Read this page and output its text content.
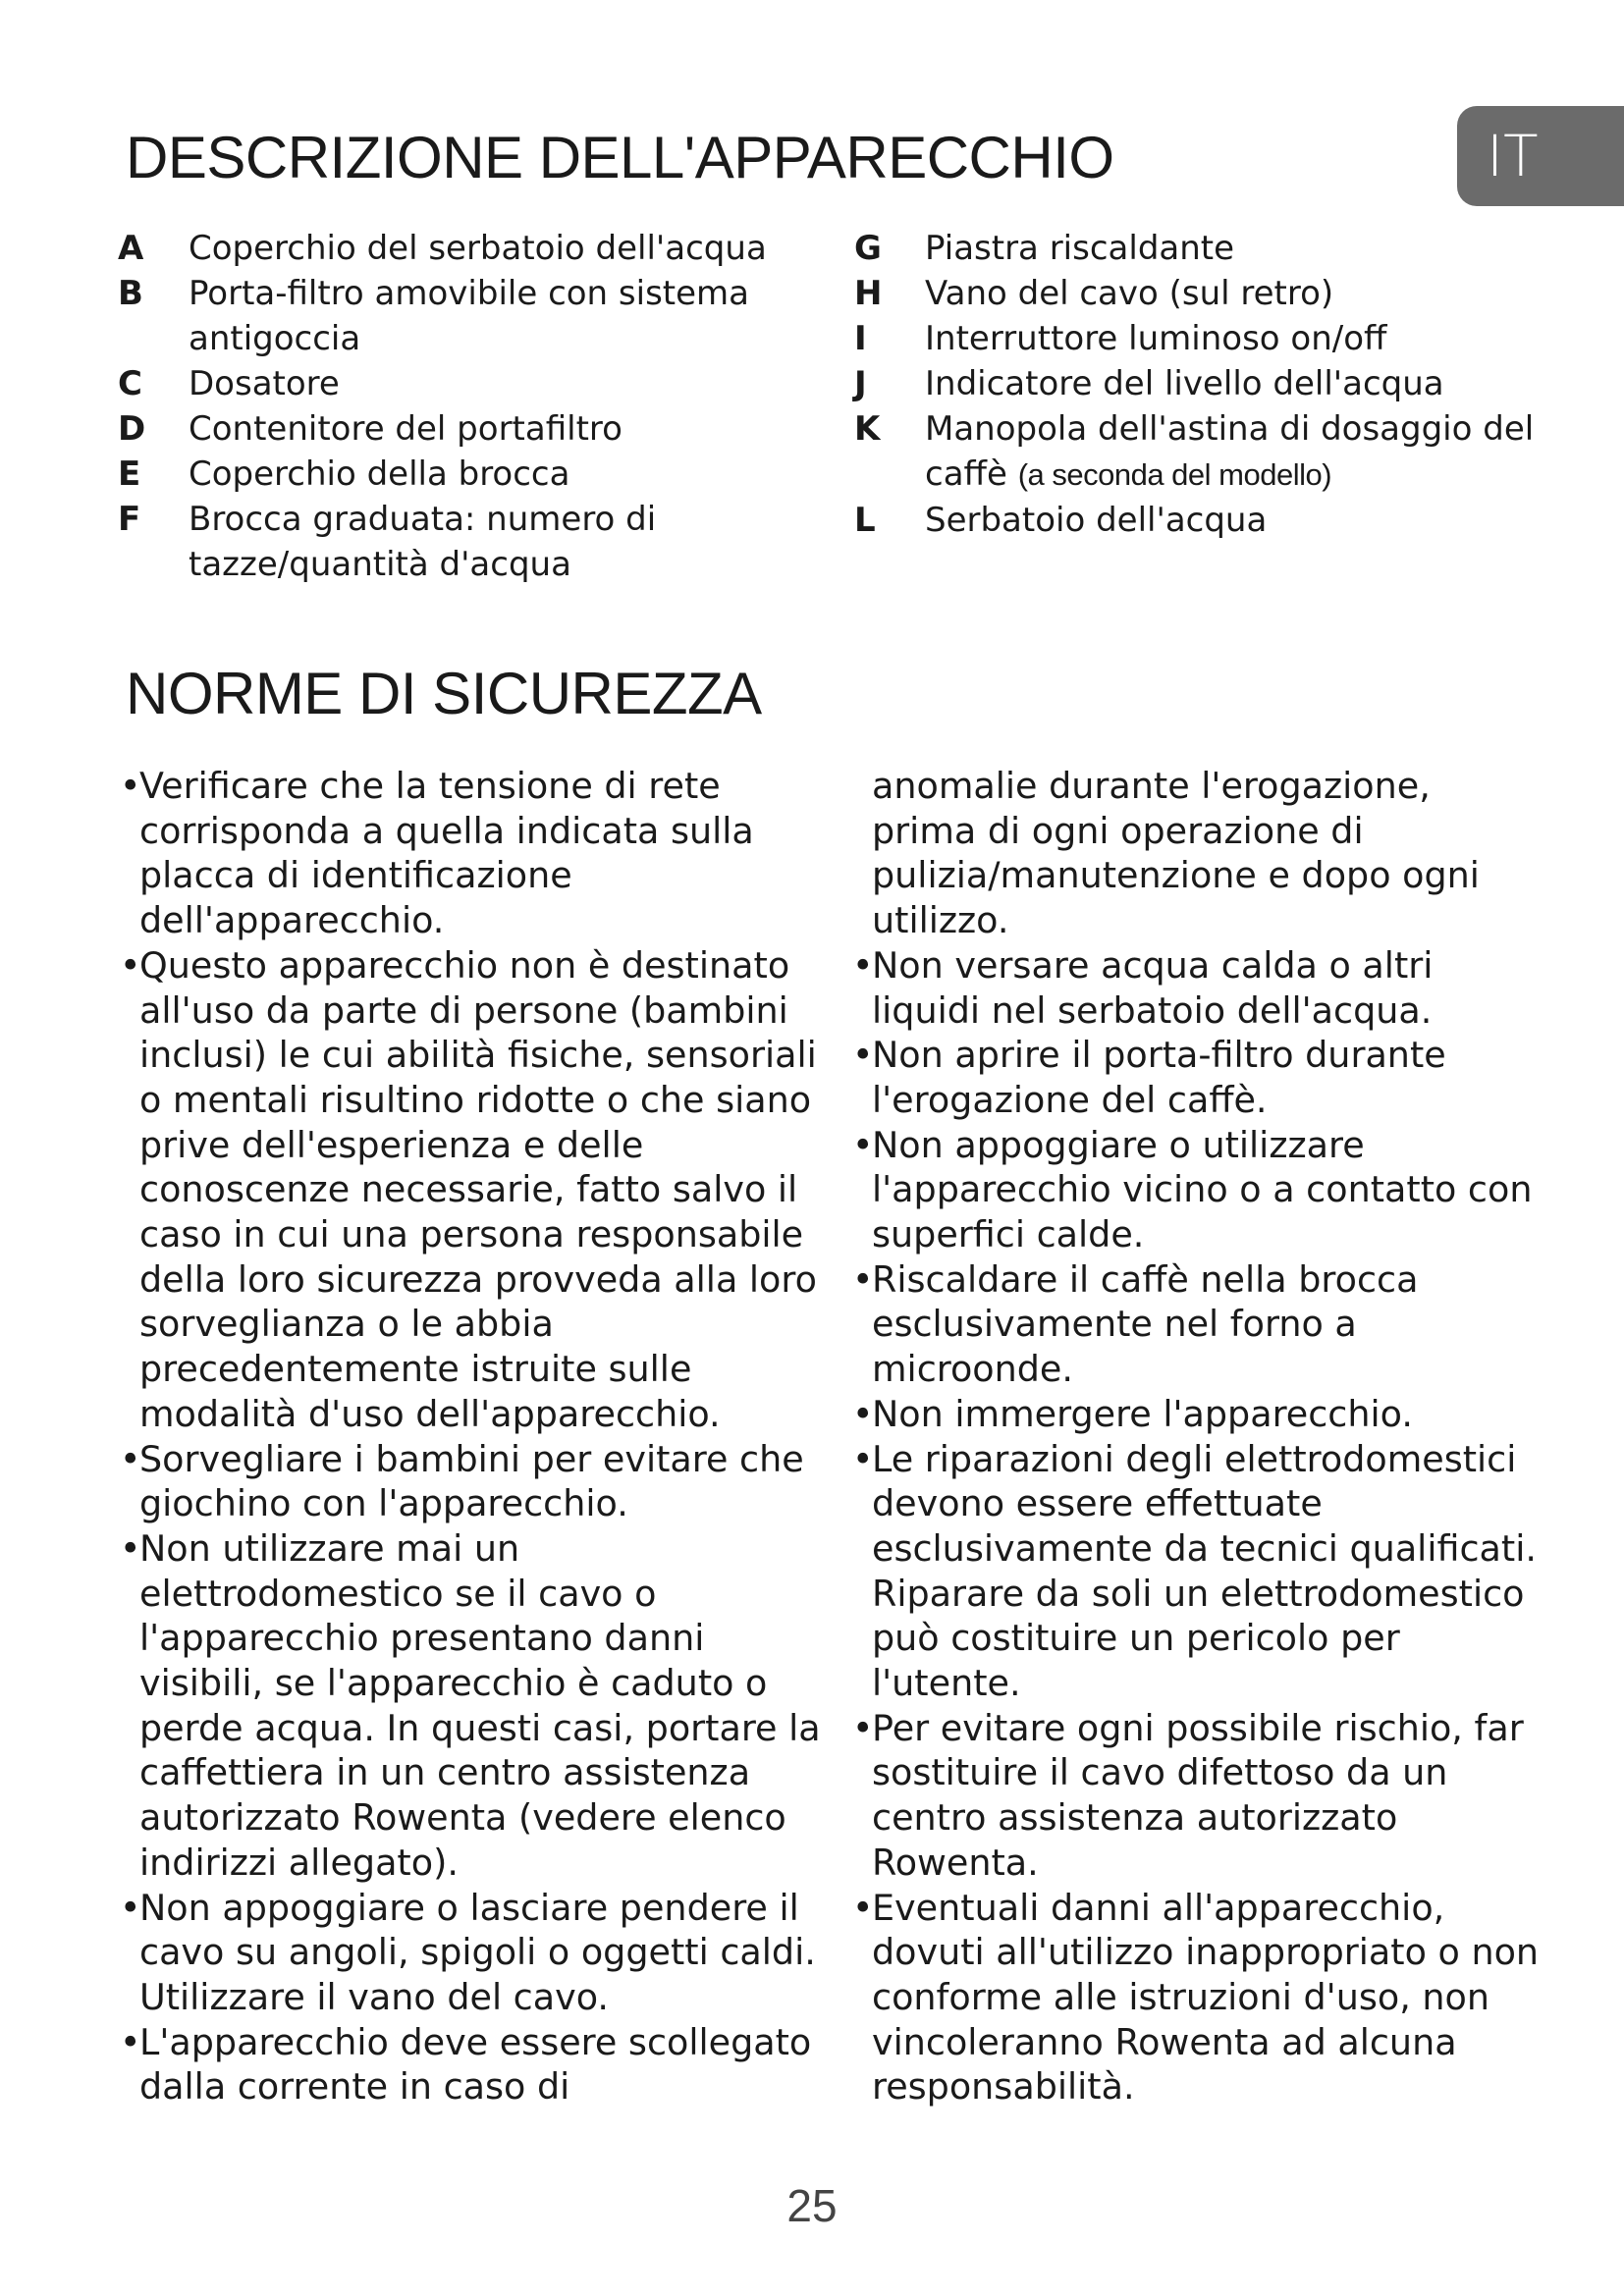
IT
DESCRIZIONE DELL'APPARECCHIO
A	Coperchio del serbatoio dell'acqua
B	Porta-filtro amovibile con sistema antigoccia
C	Dosatore
D	Contenitore del portafiltro
E	Coperchio della brocca
F	Brocca graduata: numero di tazze/quantità d'acqua
G	Piastra riscaldante
H	Vano del cavo (sul retro)
I	Interruttore luminoso on/off
J	Indicatore del livello dell'acqua
K	Manopola dell'astina di dosaggio del caffè (a seconda del modello)
L	Serbatoio dell'acqua
NORME DI SICUREZZA
• Verificare che la tensione di rete corrisponda a quella indicata sulla placca di identificazione dell'apparecchio.
• Questo apparecchio non è destinato all'uso da parte di persone (bambini inclusi) le cui abilità fisiche, sensoriali o mentali risultino ridotte o che siano prive dell'esperienza e delle conoscenze necessarie, fatto salvo il caso in cui una persona responsabile della loro sicurezza provveda alla loro sorveglianza o le abbia precedentemente istruite sulle modalità d'uso dell'apparecchio.
• Sorvegliare i bambini per evitare che giochino con l'apparecchio.
• Non utilizzare mai un elettrodomestico se il cavo o l'apparecchio presentano danni visibili, se l'apparecchio è caduto o perde acqua. In questi casi, portare la caffettiera in un centro assistenza autorizzato Rowenta (vedere elenco indirizzi allegato).
• Non appoggiare o lasciare pendere il cavo su angoli, spigoli o oggetti caldi. Utilizzare il vano del cavo.
• L'apparecchio deve essere scollegato dalla corrente in caso di
anomalie durante l'erogazione, prima di ogni operazione di pulizia/manutenzione e dopo ogni utilizzo.
• Non versare acqua calda o altri liquidi nel serbatoio dell'acqua.
• Non aprire il porta-filtro durante l'erogazione del caffè.
• Non appoggiare o utilizzare l'apparecchio vicino o a contatto con superfici calde.
• Riscaldare il caffè nella brocca esclusivamente nel forno a microonde.
• Non immergere l'apparecchio.
• Le riparazioni degli elettrodomestici devono essere effettuate esclusivamente da tecnici qualificati. Riparare da soli un elettrodomestico può costituire un pericolo per l'utente.
• Per evitare ogni possibile rischio, far sostituire il cavo difettoso da un centro assistenza autorizzato Rowenta.
• Eventuali danni all'apparecchio, dovuti all'utilizzo inappropriato o non conforme alle istruzioni d'uso, non vincoleranno Rowenta ad alcuna responsabilità.
25
